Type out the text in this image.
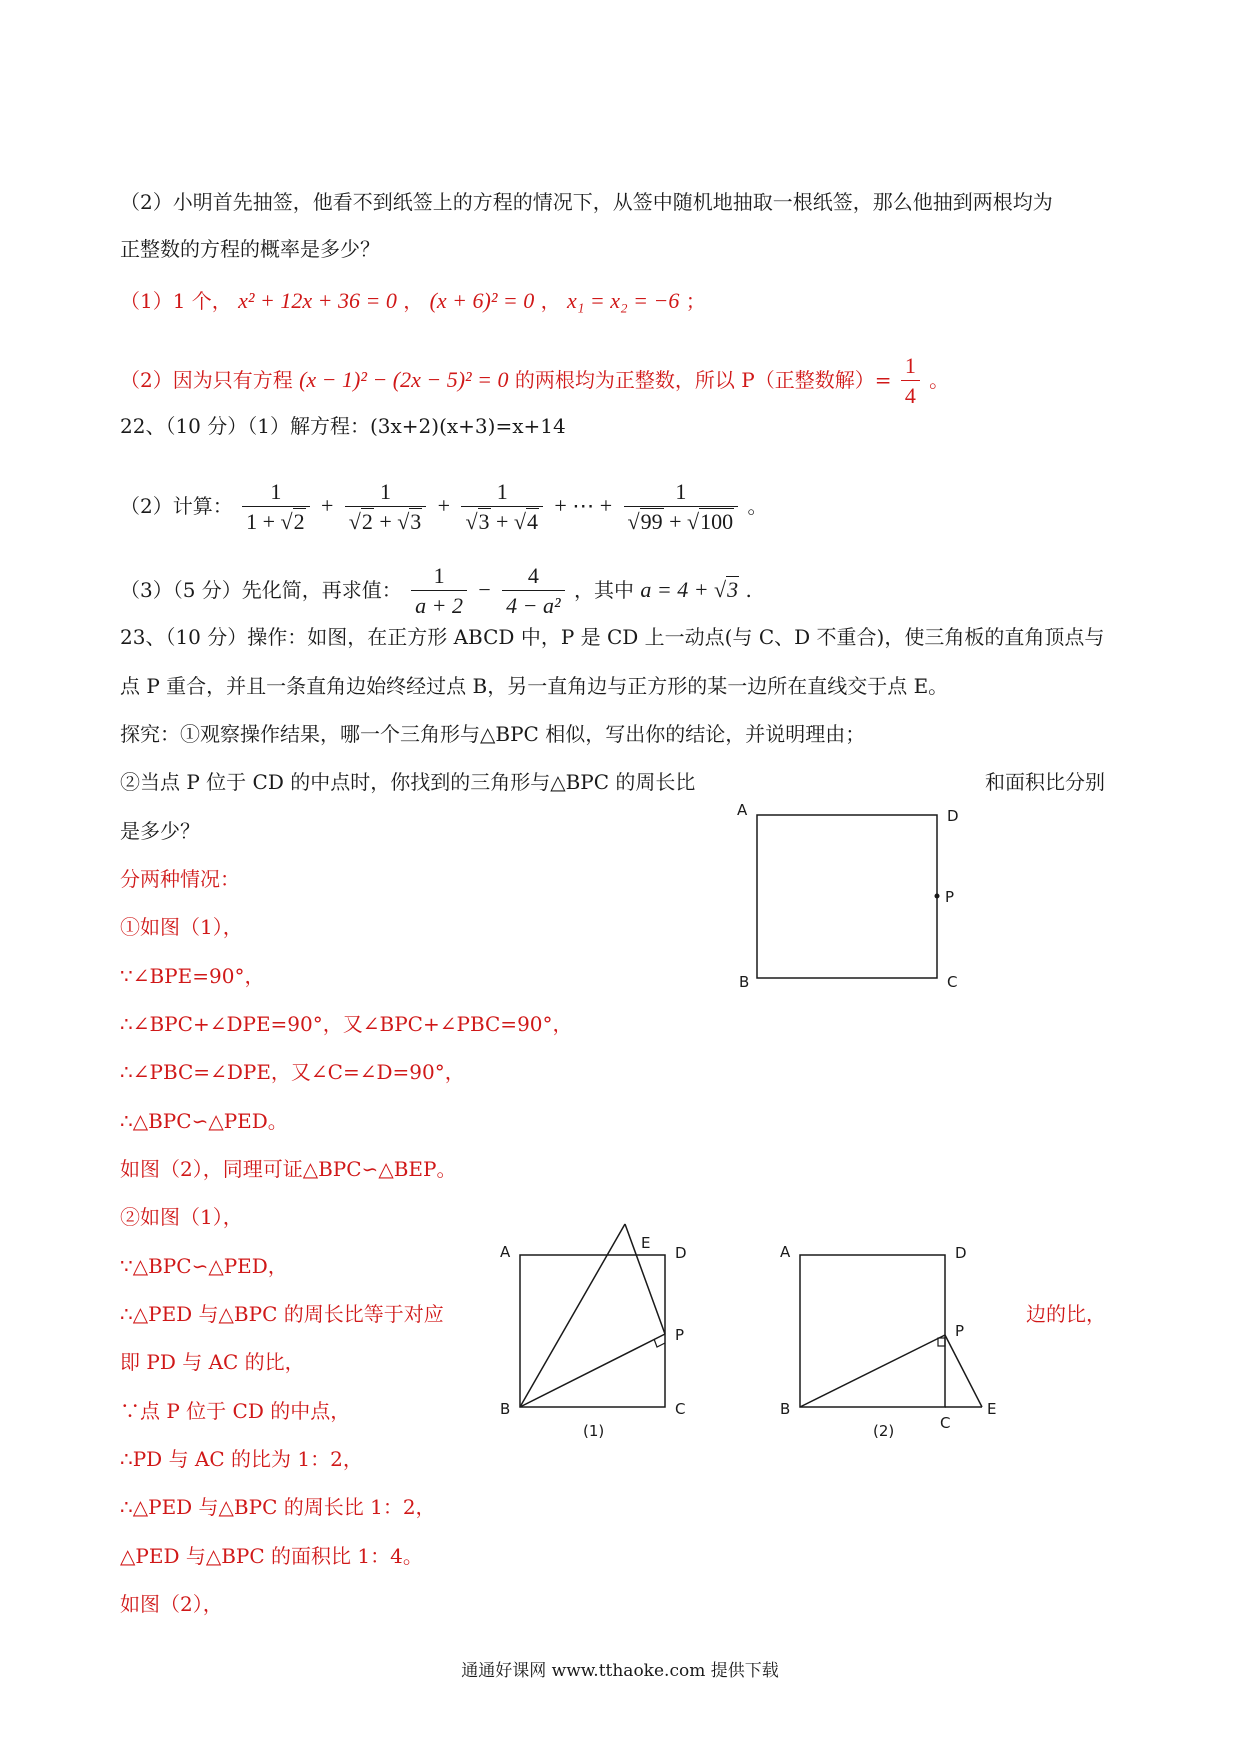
（2）小明首先抽签，他看不到纸签上的方程的情况下，从签中随机地抽取一根纸签，那么他抽到两根均为
正整数的方程的概率是多少？
（1）1 个， x² + 12x + 36 = 0 ， (x + 6)² = 0 ， x₁ = x₂ = −6 ；
（2）因为只有方程 (x − 1)² − (2x − 5)² = 0 的两根均为正整数，所以 P（正整数解）= $\frac{1}{4}$ 。
22、（10 分）（1）解方程：(3x+2)(x+3)=x+14
（2）计算： $\frac{1}{1 + √2} + \frac{1}{√2 + √3} + \frac{1}{√3 + √4}$ + ⋯ + $\frac{1}{√99 + √100}$ 。
（3）（5 分）先化简，再求值： $\frac{1}{a + 2} - \frac{4}{\text{4 − a²}}$ ，其中 a = 4 + √3 .
23、（10 分）操作：如图，在正方形 ABCD 中，P 是 CD 上一动点(与 C、D 不重合)，使三角板的直角顶点与
点 P 重合，并且一条直角边始终经过点 B，另一直角边与正方形的某一边所在直线交于点 E。
探究：①观察操作结果，哪一个三角形与△BPC 相似，写出你的结论，并说明理由；
②当点 P 位于 CD 的中点时，你找到的三角形与△BPC 的周长比	和面积比分别
是多少？
分两种情况：
①如图（1），
∵∠BPE=90°，
∴∠BPC+∠DPE=90°，又∠BPC+∠PBC=90°，
∴∠PBC=∠DPE，又∠C=∠D=90°，
∴△BPC∽△PED。
如图（2），同理可证△BPC∽△BEP。
②如图（1），
∵△BPC∽△PED，
∴△PED 与△BPC 的周长比等于对应	边的比，
即 PD 与 AC 的比，
∵点 P 位于 CD 的中点，
∴PD 与 AC 的比为 1：2，
∴△PED 与△BPC 的周长比 1：2，
△PED 与△BPC 的面积比 1：4。
如图（2），
A	D
P
B	C
A	E
D
P
B	C
(1)
A	D
P
B
C
E
(2)
通通好课网 www.tthaoke.com 提供下载
